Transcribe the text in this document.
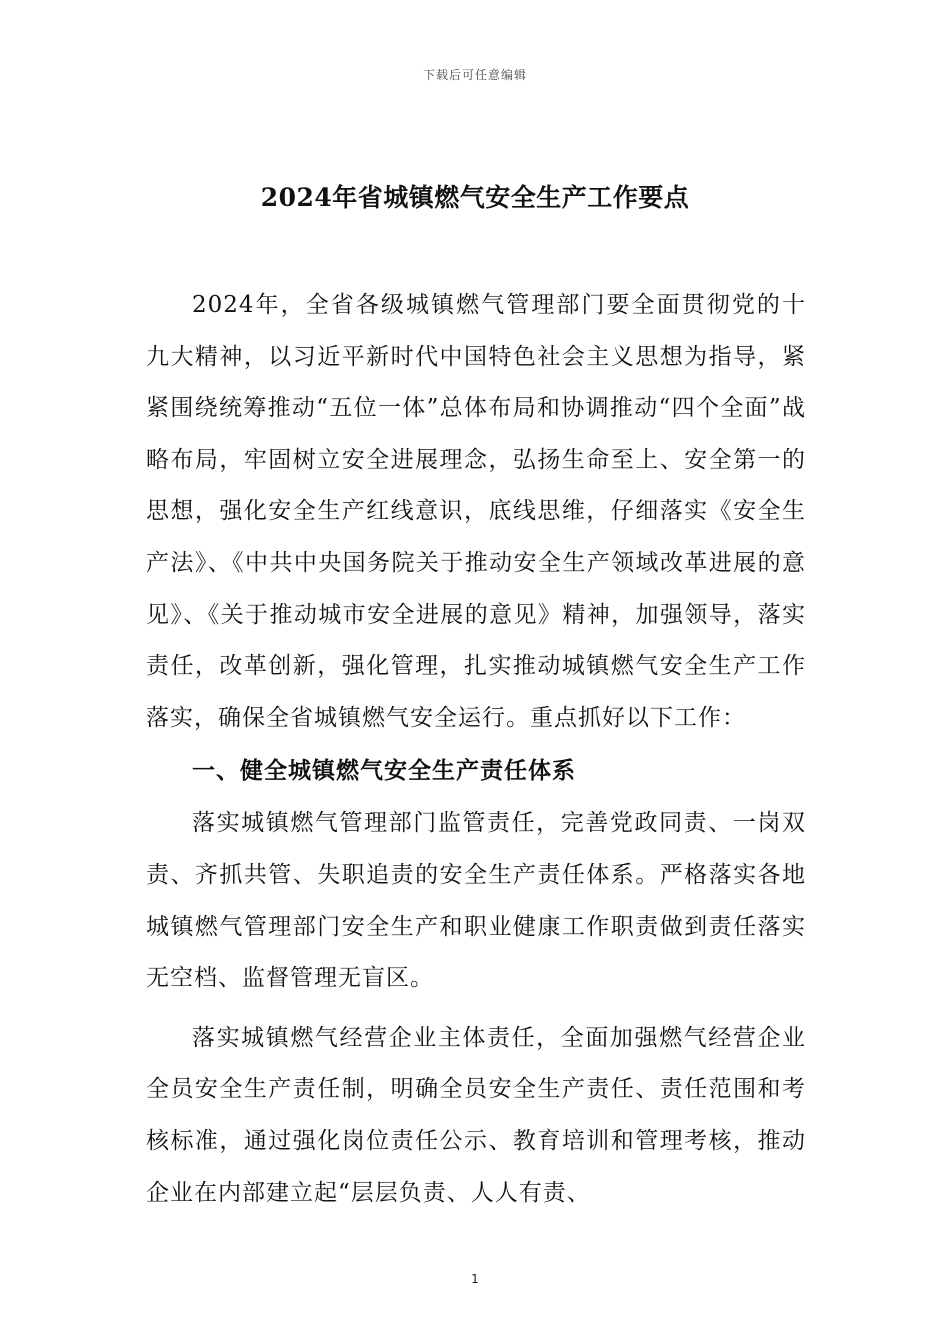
下载后可任意编辑
2024年省城镇燃气安全生产工作要点

2024年，全省各级城镇燃气管理部门要全面贯彻党的十九大精神，以习近平新时代中国特色社会主义思想为指导，紧紧围绕统筹推动“五位一体”总体布局和协调推动“四个全面”战略布局，牢固树立安全进展理念，弘扬生命至上、安全第一的思想，强化安全生产红线意识，底线思维，仔细落实《安全生产法》、《中共中央国务院关于推动安全生产领域改革进展的意见》、《关于推动城市安全进展的意见》精神，加强领导，落实责任，改革创新，强化管理，扎实推动城镇燃气安全生产工作落实，确保全省城镇燃气安全运行。重点抓好以下工作：

一、健全城镇燃气安全生产责任体系

落实城镇燃气管理部门监管责任，完善党政同责、一岗双责、齐抓共管、失职追责的安全生产责任体系。严格落实各地城镇燃气管理部门安全生产和职业健康工作职责做到责任落实无空档、监督管理无盲区。

落实城镇燃气经营企业主体责任，全面加强燃气经营企业全员安全生产责任制，明确全员安全生产责任、责任范围和考核标准，通过强化岗位责任公示、教育培训和管理考核，推动企业在内部建立起“层层负责、人人有责、

1
